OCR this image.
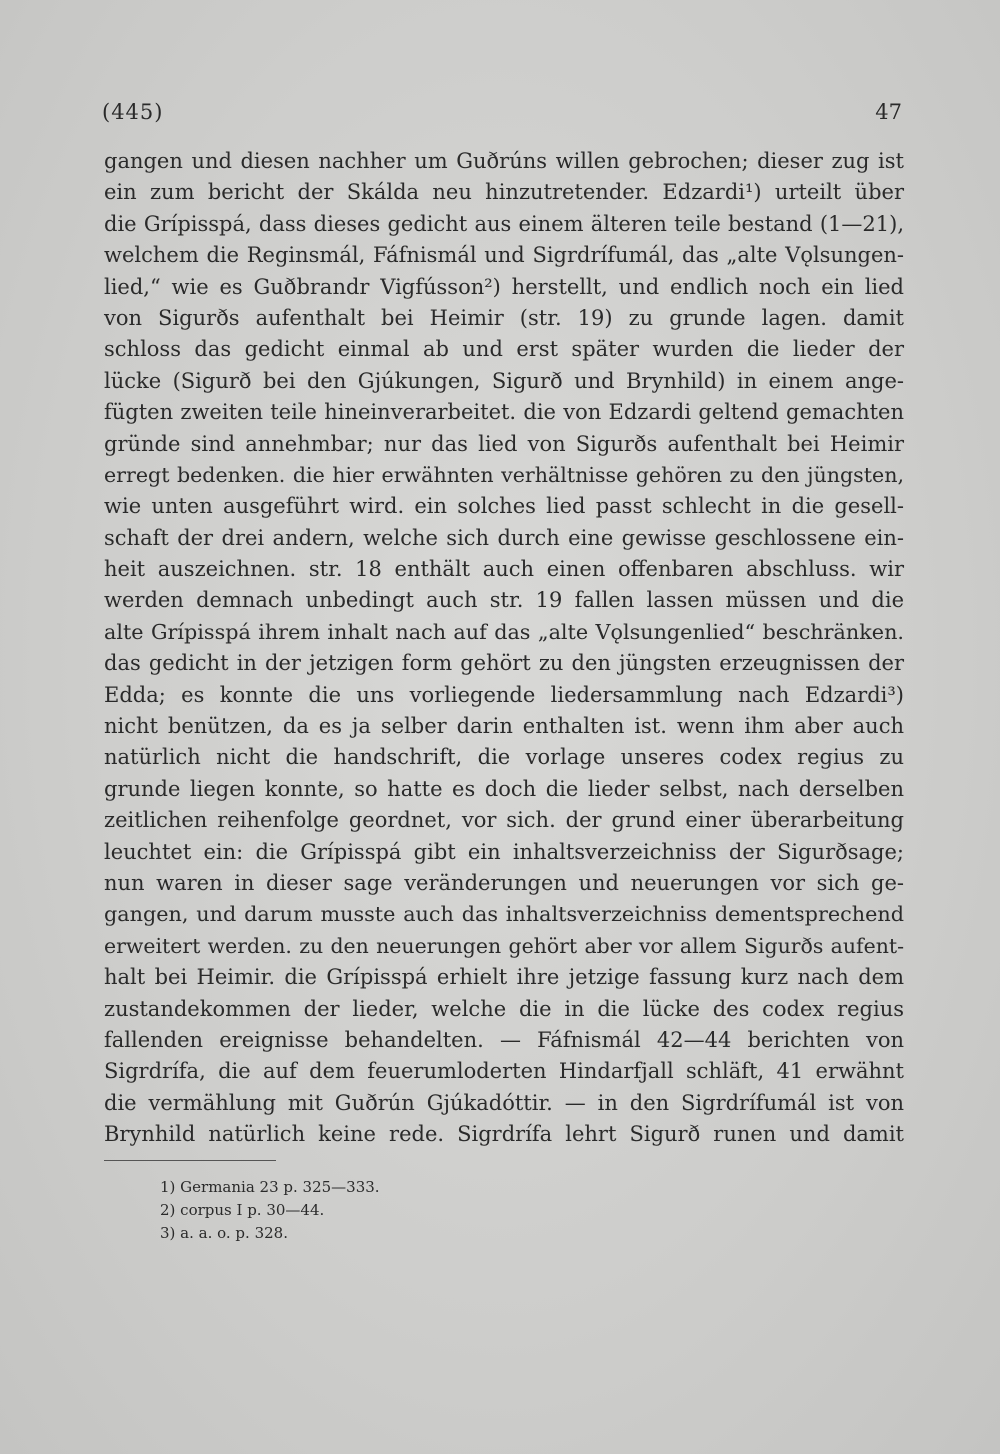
(445)	47
gangen und diesen nachher um Guðrúns willen gebrochen; dieser zug ist
ein zum bericht der Skálda neu hinzutretender. Edzardi¹) urteilt über
die Grípisspá, dass dieses gedicht aus einem älteren teile bestand (1—21),
welchem die Reginsmál, Fáfnismál und Sigrdrífumál, das „alte Vǫlsungen-
lied,“ wie es Guðbrandr Vigfússon²) herstellt, und endlich noch ein lied
von Sigurðs aufenthalt bei Heimir (str. 19) zu grunde lagen. damit
schloss das gedicht einmal ab und erst später wurden die lieder der
lücke (Sigurð bei den Gjúkungen, Sigurð und Brynhild) in einem ange-
fügten zweiten teile hineinverarbeitet. die von Edzardi geltend gemachten
gründe sind annehmbar; nur das lied von Sigurðs aufenthalt bei Heimir
erregt bedenken. die hier erwähnten verhältnisse gehören zu den jüngsten,
wie unten ausgeführt wird. ein solches lied passt schlecht in die gesell-
schaft der drei andern, welche sich durch eine gewisse geschlossene ein-
heit auszeichnen. str. 18 enthält auch einen offenbaren abschluss. wir
werden demnach unbedingt auch str. 19 fallen lassen müssen und die
alte Grípisspá ihrem inhalt nach auf das „alte Vǫlsungenlied“ beschränken.
das gedicht in der jetzigen form gehört zu den jüngsten erzeugnissen der
Edda; es konnte die uns vorliegende liedersammlung nach Edzardi³)
nicht benützen, da es ja selber darin enthalten ist. wenn ihm aber auch
natürlich nicht die handschrift, die vorlage unseres codex regius zu
grunde liegen konnte, so hatte es doch die lieder selbst, nach derselben
zeitlichen reihenfolge geordnet, vor sich. der grund einer überarbeitung
leuchtet ein: die Grípisspá gibt ein inhaltsverzeichniss der Sigurðsage;
nun waren in dieser sage veränderungen und neuerungen vor sich ge-
gangen, und darum musste auch das inhaltsverzeichniss dementsprechend
erweitert werden. zu den neuerungen gehört aber vor allem Sigurðs aufent-
halt bei Heimir. die Grípisspá erhielt ihre jetzige fassung kurz nach dem
zustandekommen der lieder, welche die in die lücke des codex regius
fallenden ereignisse behandelten. — Fáfnismál 42—44 berichten von
Sigrdrífa, die auf dem feuerumloderten Hindarfjall schläft, 41 erwähnt
die vermählung mit Guðrún Gjúkadóttir. — in den Sigrdrífumál ist von
Brynhild natürlich keine rede. Sigrdrífa lehrt Sigurð runen und damit
1) Germania 23 p. 325—333.
2) corpus I p. 30—44.
3) a. a. o. p. 328.
